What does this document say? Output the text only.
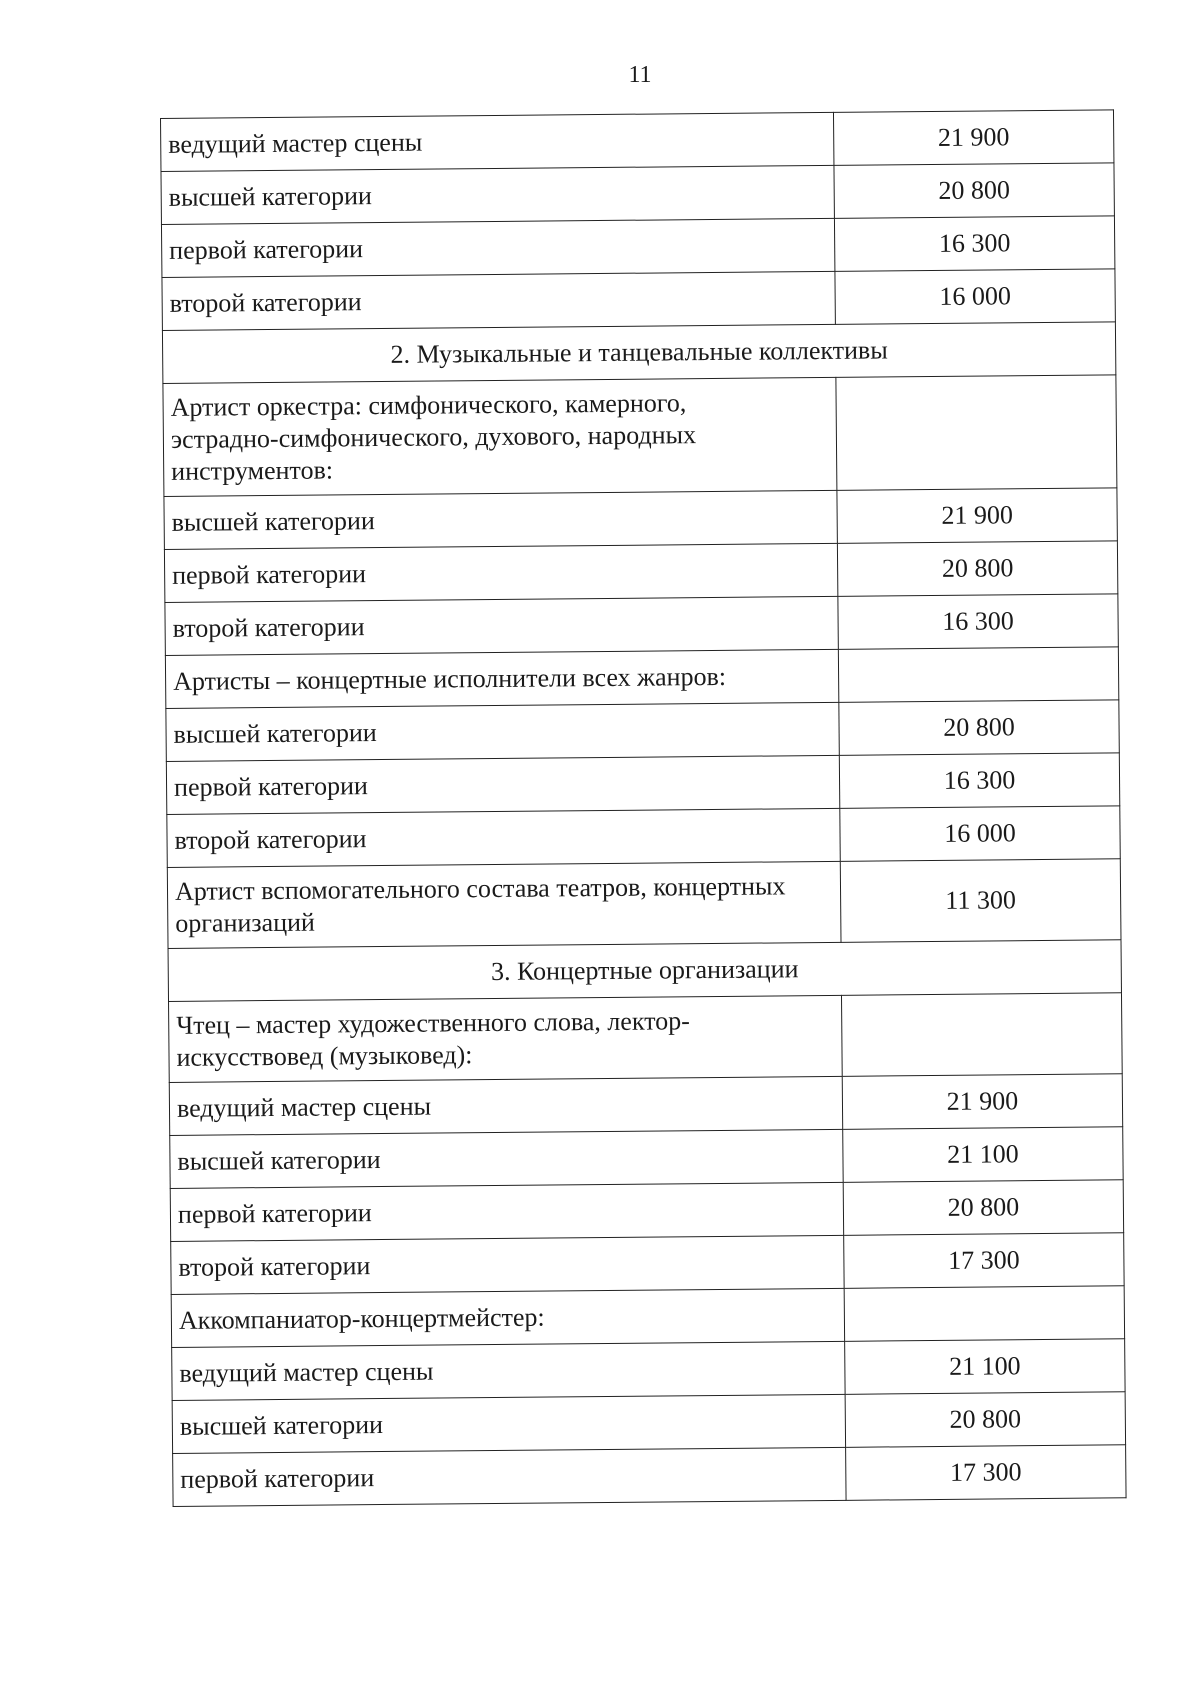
11
ведущий мастер сцены	21 900
высшей категории	20 800
первой категории	16 300
второй категории	16 000
2. Музыкальные и танцевальные коллективы	
Артист оркестра: симфонического, камерного,
эстрадно-симфонического, духового, народных
инструментов:	
высшей категории	21 900
первой категории	20 800
второй категории	16 300
Артисты – концертные исполнители всех жанров:	
высшей категории	20 800
первой категории	16 300
второй категории	16 000
Артист вспомогательного состава театров, концертных
организаций	11 300
3. Концертные организации	
Чтец – мастер художественного слова, лектор-
искусствовед (музыковед):	
ведущий мастер сцены	21 900
высшей категории	21 100
первой категории	20 800
второй категории	17 300
Аккомпаниатор-концертмейстер:	
ведущий мастер сцены	21 100
высшей категории	20 800
первой категории	17 300
